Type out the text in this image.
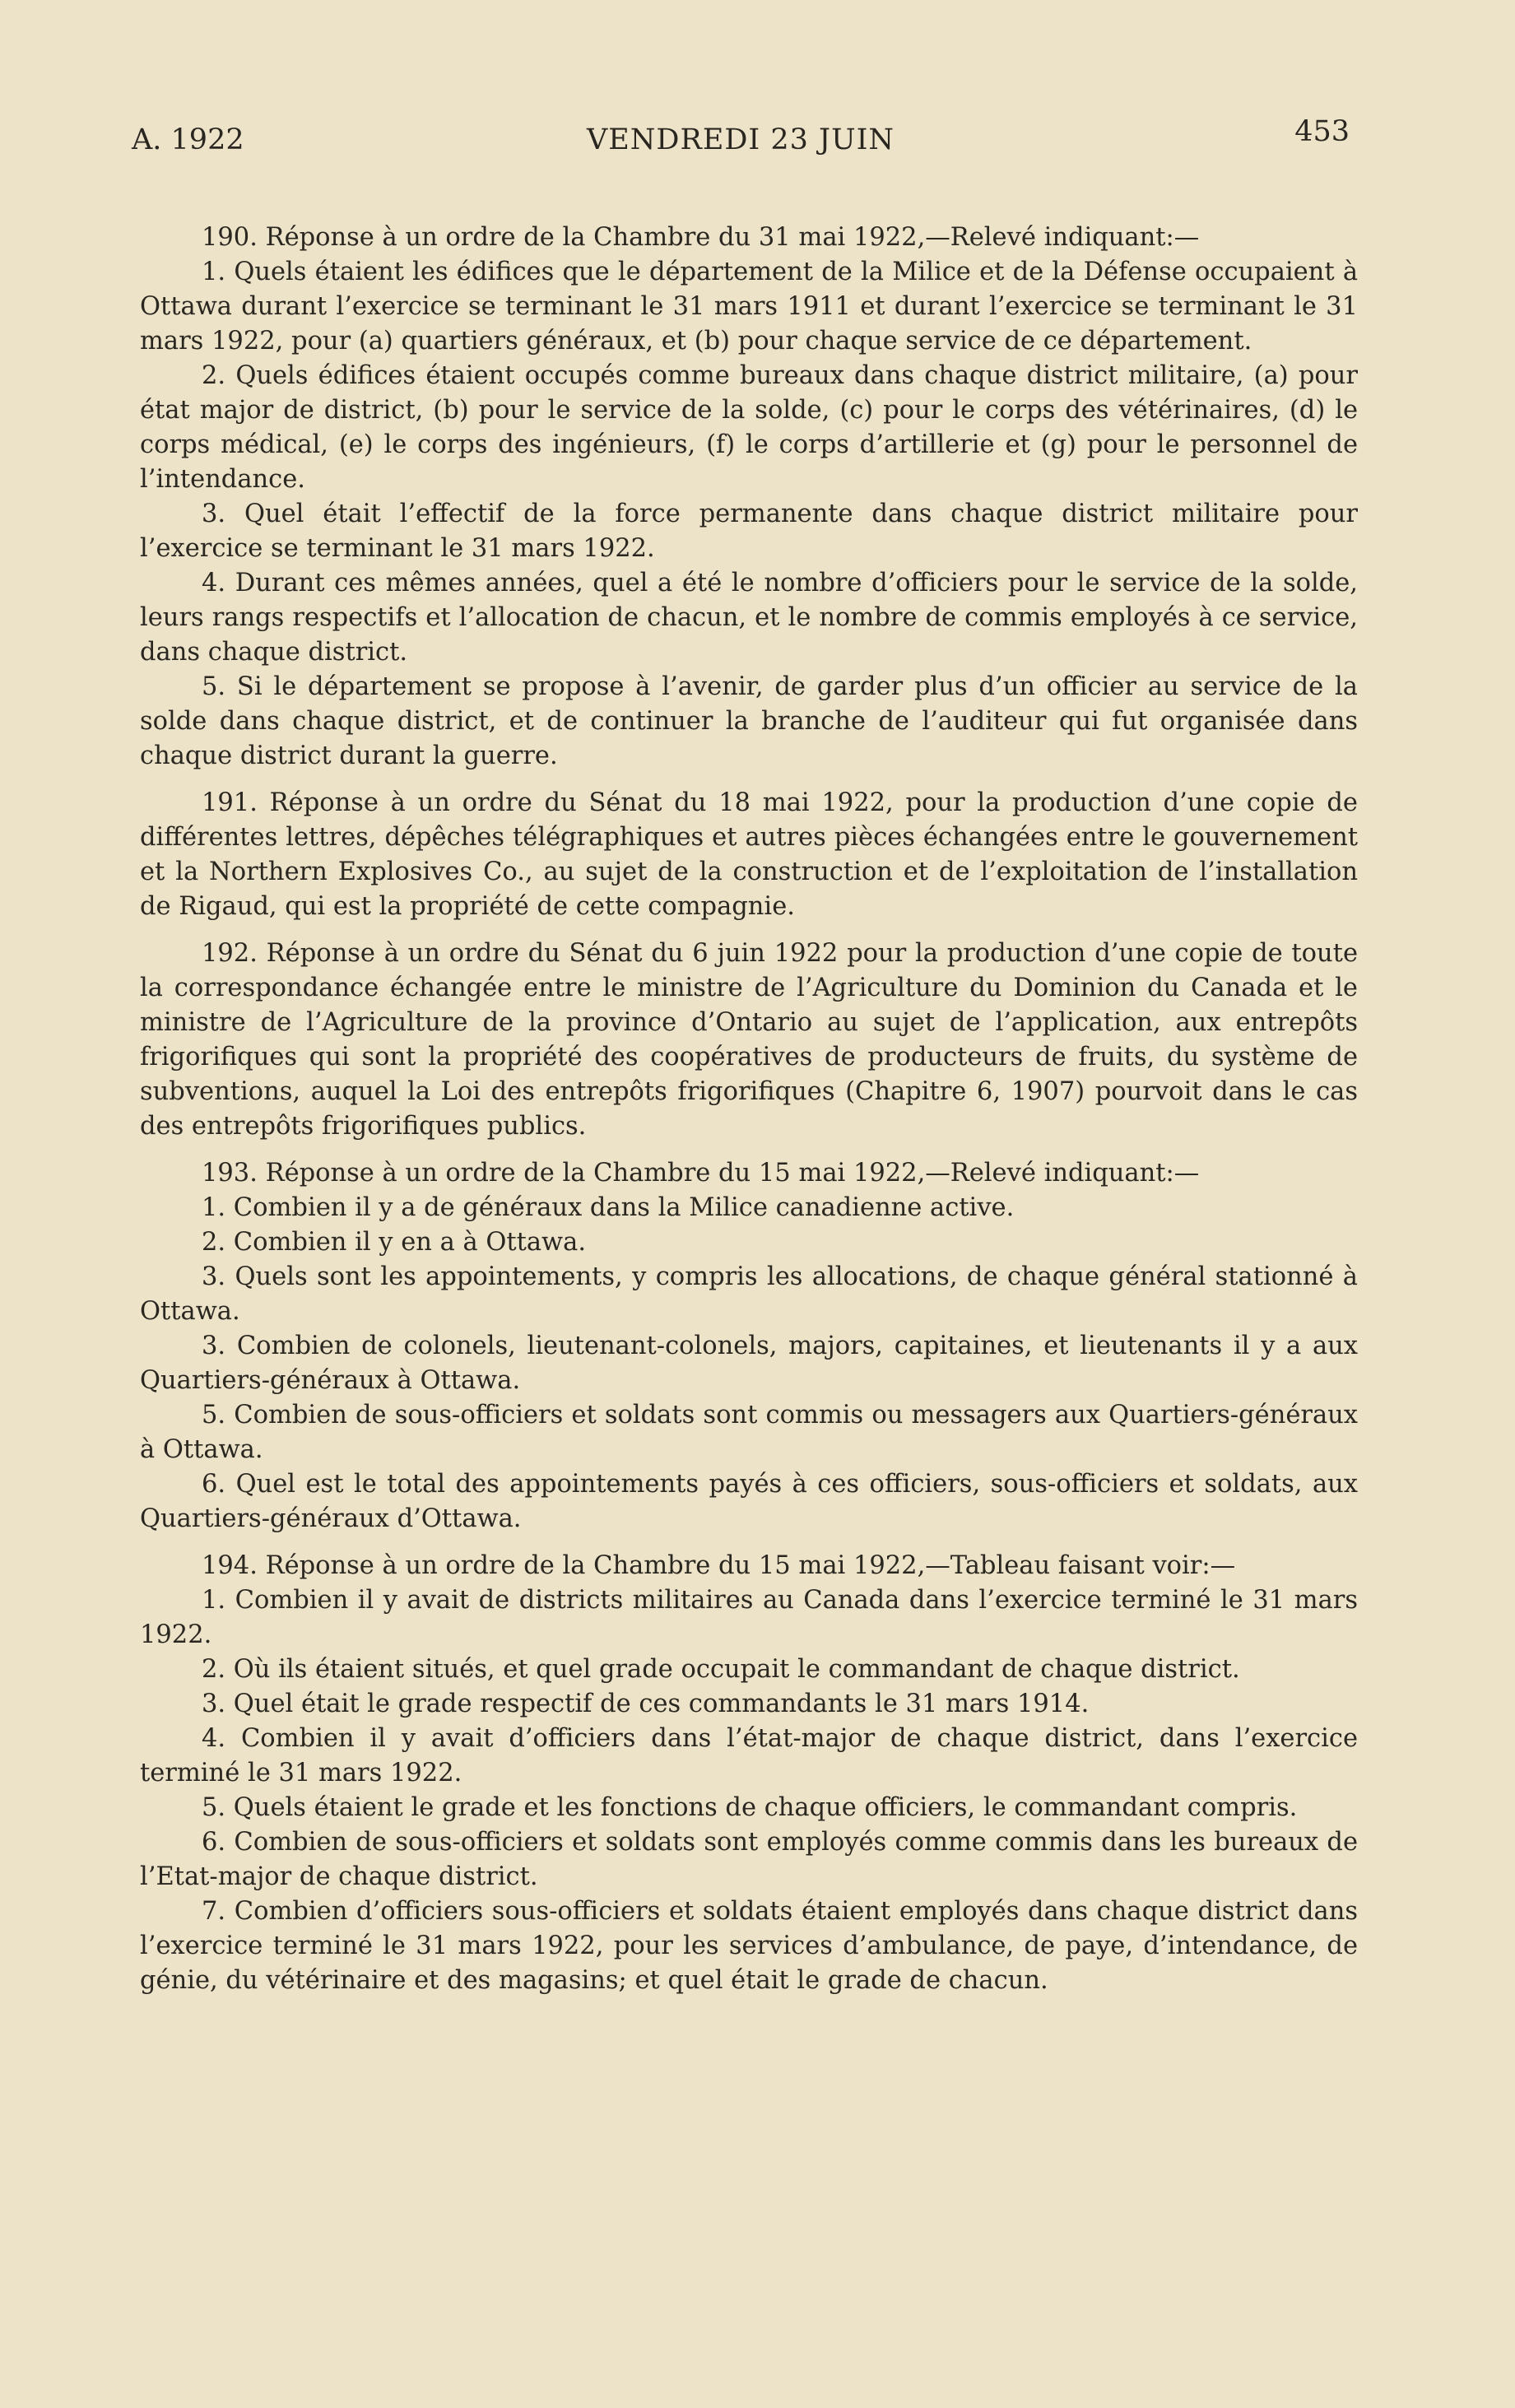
A. 1922	VENDREDI 23 JUIN	453

190. Réponse à un ordre de la Chambre du 31 mai 1922,—Relevé indiquant:—

1. Quels étaient les édifices que le département de la Milice et de la Défense occupaient à Ottawa durant l’exercice se terminant le 31 mars 1911 et durant l’exercice se terminant le 31 mars 1922, pour (a) quartiers généraux, et (b) pour chaque service de ce département.

2. Quels édifices étaient occupés comme bureaux dans chaque district militaire, (a) pour état major de district, (b) pour le service de la solde, (c) pour le corps des vétérinaires, (d) le corps médical, (e) le corps des ingénieurs, (f) le corps d’artillerie et (g) pour le personnel de l’intendance.

3. Quel était l’effectif de la force permanente dans chaque district militaire pour l’exercice se terminant le 31 mars 1922.

4. Durant ces mêmes années, quel a été le nombre d’officiers pour le service de la solde, leurs rangs respectifs et l’allocation de chacun, et le nombre de commis employés à ce service, dans chaque district.

5. Si le département se propose à l’avenir, de garder plus d’un officier au service de la solde dans chaque district, et de continuer la branche de l’auditeur qui fut organisée dans chaque district durant la guerre.

191. Réponse à un ordre du Sénat du 18 mai 1922, pour la production d’une copie de différentes lettres, dépêches télégraphiques et autres pièces échangées entre le gouvernement et la Northern Explosives Co., au sujet de la construction et de l’exploitation de l’installation de Rigaud, qui est la propriété de cette compagnie.

192. Réponse à un ordre du Sénat du 6 juin 1922 pour la production d’une copie de toute la correspondance échangée entre le ministre de l’Agriculture du Dominion du Canada et le ministre de l’Agriculture de la province d’Ontario au sujet de l’application, aux entrepôts frigorifiques qui sont la propriété des coopératives de producteurs de fruits, du système de subventions, auquel la Loi des entrepôts frigorifiques (Chapitre 6, 1907) pourvoit dans le cas des entrepôts frigorifiques publics.

193. Réponse à un ordre de la Chambre du 15 mai 1922,—Relevé indiquant:—

1. Combien il y a de généraux dans la Milice canadienne active.

2. Combien il y en a à Ottawa.

3. Quels sont les appointements, y compris les allocations, de chaque général stationné à Ottawa.

3. Combien de colonels, lieutenant-colonels, majors, capitaines, et lieutenants il y a aux Quartiers-généraux à Ottawa.

5. Combien de sous-officiers et soldats sont commis ou messagers aux Quartiers-généraux à Ottawa.

6. Quel est le total des appointements payés à ces officiers, sous-officiers et soldats, aux Quartiers-généraux d’Ottawa.

194. Réponse à un ordre de la Chambre du 15 mai 1922,—Tableau faisant voir:—

1. Combien il y avait de districts militaires au Canada dans l’exercice terminé le 31 mars 1922.

2. Où ils étaient situés, et quel grade occupait le commandant de chaque district.

3. Quel était le grade respectif de ces commandants le 31 mars 1914.

4. Combien il y avait d’officiers dans l’état-major de chaque district, dans l’exercice terminé le 31 mars 1922.

5. Quels étaient le grade et les fonctions de chaque officiers, le commandant compris.

6. Combien de sous-officiers et soldats sont employés comme commis dans les bureaux de l’Etat-major de chaque district.

7. Combien d’officiers sous-officiers et soldats étaient employés dans chaque district dans l’exercice terminé le 31 mars 1922, pour les services d’ambulance, de paye, d’intendance, de génie, du vétérinaire et des magasins; et quel était le grade de chacun.
